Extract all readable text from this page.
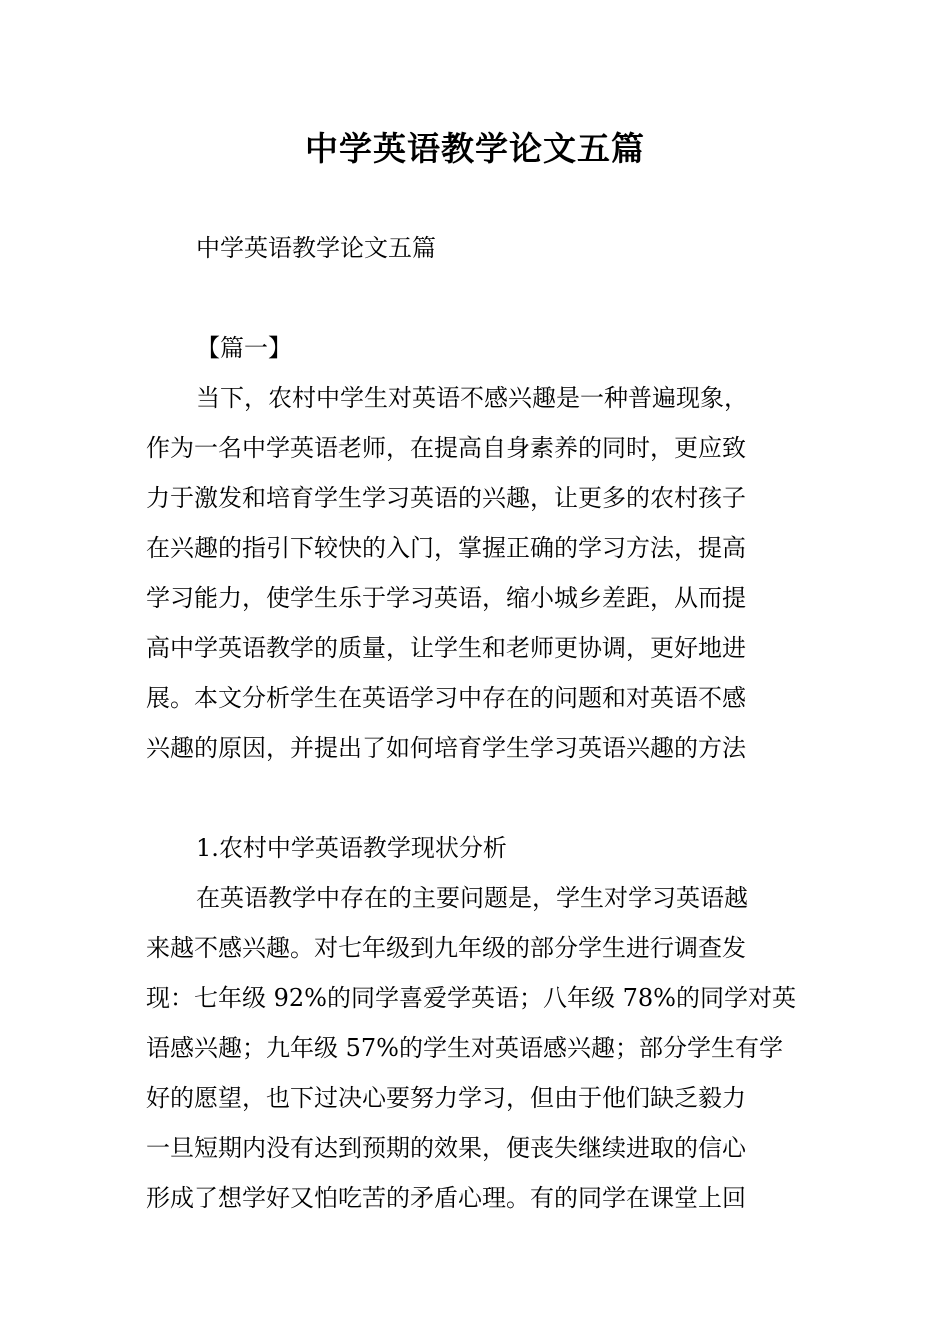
中学英语教学论文五篇
中学英语教学论文五篇
【篇一】
当下，农村中学生对英语不感兴趣是一种普遍现象，
作为一名中学英语老师，在提高自身素养的同时，更应致
力于激发和培育学生学习英语的兴趣，让更多的农村孩子
在兴趣的指引下较快的入门，掌握正确的学习方法，提高
学习能力，使学生乐于学习英语，缩小城乡差距，从而提
高中学英语教学的质量，让学生和老师更协调，更好地进
展。本文分析学生在英语学习中存在的问题和对英语不感
兴趣的原因，并提出了如何培育学生学习英语兴趣的方法
1.农村中学英语教学现状分析
在英语教学中存在的主要问题是，学生对学习英语越
来越不感兴趣。对七年级到九年级的部分学生进行调查发
现：七年级 92%的同学喜爱学英语；八年级 78%的同学对英
语感兴趣；九年级 57%的学生对英语感兴趣；部分学生有学
好的愿望，也下过决心要努力学习，但由于他们缺乏毅力
一旦短期内没有达到预期的效果，便丧失继续进取的信心
形成了想学好又怕吃苦的矛盾心理。有的同学在课堂上回
